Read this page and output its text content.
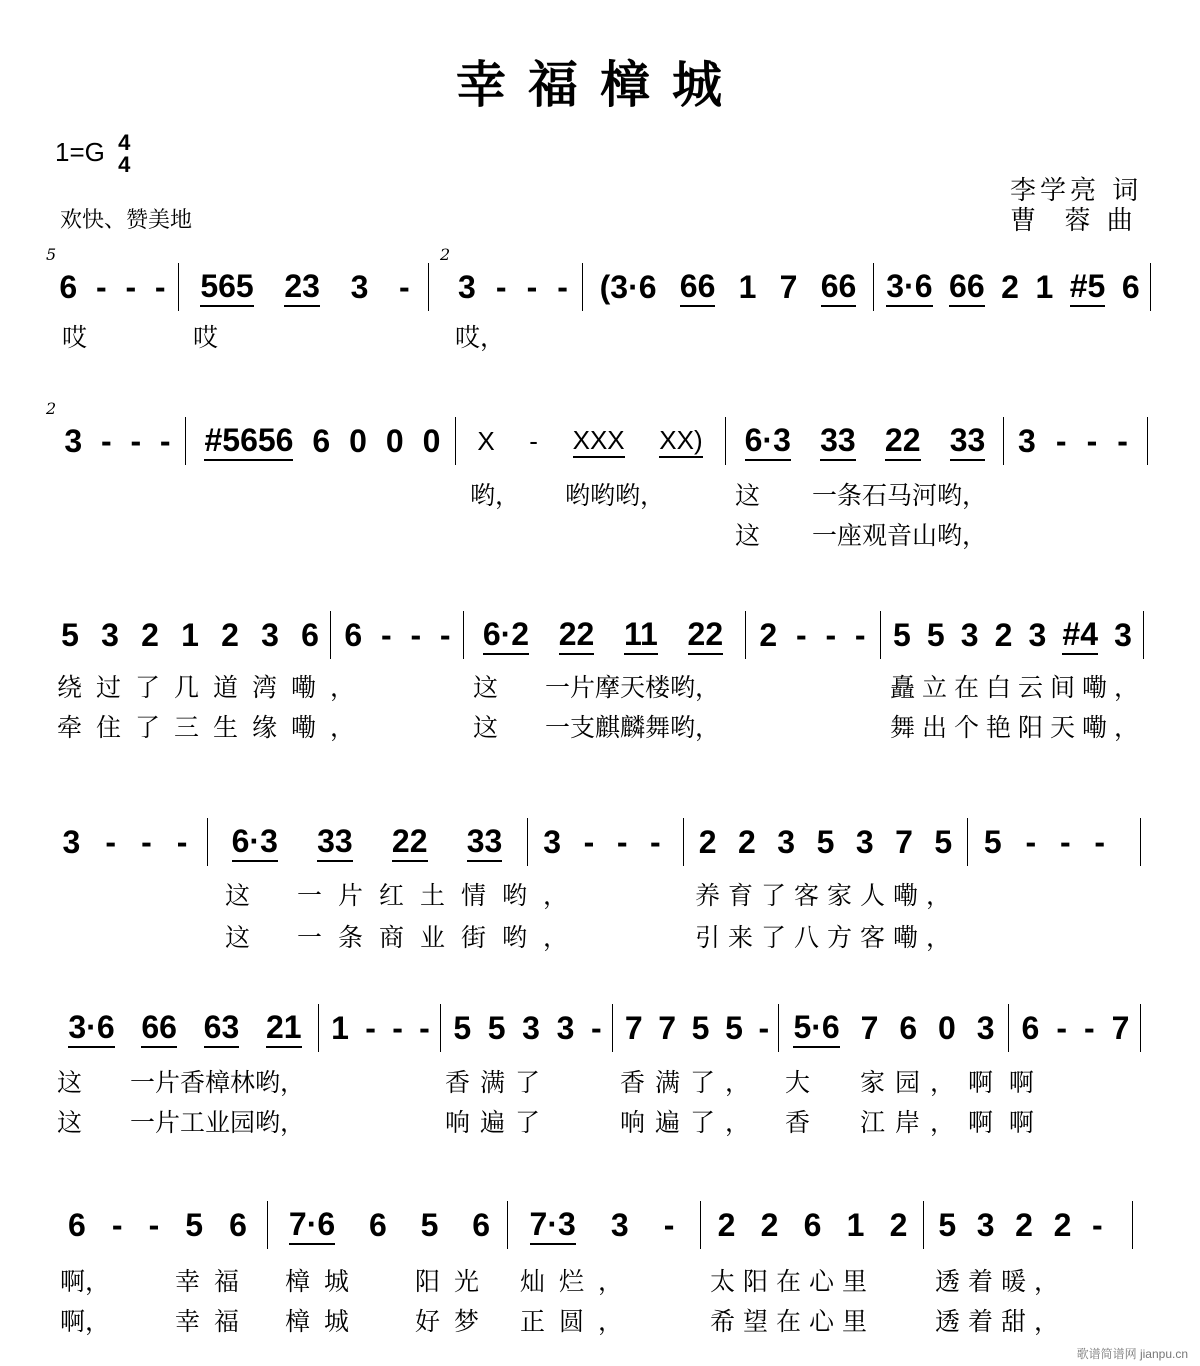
幸福樟城
1=G 4
4
欢快、赞美地
李学亮 词
曹  蓉 曲
5	2
6 - - - 565 23 3 - 3 - - - (3·6 66 1 7 66 3·6 66 2 1 #5 6
哎	哎	哎，
2
3 - - - #5656 6 0 0 0 X - XXX XX) 6·3 33 22 33 3 - - -
哟， 哟哟哟，	这 一条石马河哟，
这 一座观音山哟，
5 3 2 1 2 3 6 6 - - - 6·2 22 11 22 2 - - - 5 5 3 2 3 #4 3
绕过了几道湾嘞，	这 一片摩天楼哟，	矗立在白云间嘞，
牵住了三生缘嘞，	这 一支麒麟舞哟，	舞出个艳阳天嘞，
3 - - - 6·3 33 22 33 3 - - - 2 2 3 5 3 7 5 5 - - -
这 一片红土情哟，	养育了客家人嘞，
这 一条商业街哟，	引来了八方客嘞，
3·6 66 63 21 1 - - - 5 5 3 3 - 7 7 5 5 - 5·6 7 6 0 3 6 - - 7
这 一片香樟林哟，	香满了	香满了， 大 家园， 啊  啊
这 一片工业园哟，	响遍了	响遍了， 香 江岸， 啊  啊
6 - - 5 6 7·6 6 5 6 7·3 3 - 2 2 6 1 2 5 3 2 2 -
啊，	幸福 樟城 阳光 灿烂，	太阳在心里 透着暖，
啊，	幸福 樟城 好梦 正圆，	希望在心里 透着甜，
歌谱简谱网 jianpu.cn
